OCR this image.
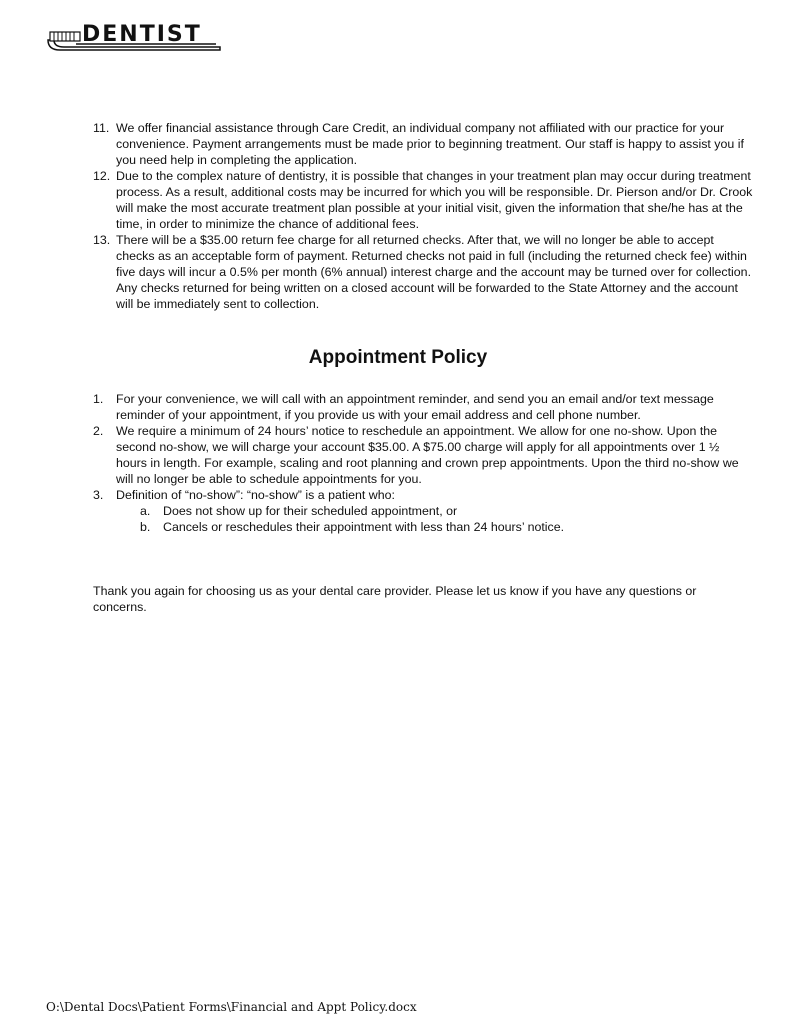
DENTIST
11. We offer financial assistance through Care Credit, an individual company not affiliated with our practice for your convenience. Payment arrangements must be made prior to beginning treatment. Our staff is happy to assist you if you need help in completing the application.
12. Due to the complex nature of dentistry, it is possible that changes in your treatment plan may occur during treatment process. As a result, additional costs may be incurred for which you will be responsible. Dr. Pierson and/or Dr. Crook will make the most accurate treatment plan possible at your initial visit, given the information that she/he has at the time, in order to minimize the chance of additional fees.
13. There will be a $35.00 return fee charge for all returned checks. After that, we will no longer be able to accept checks as an acceptable form of payment. Returned checks not paid in full (including the returned check fee) within five days will incur a 0.5% per month (6% annual) interest charge and the account may be turned over for collection. Any checks returned for being written on a closed account will be forwarded to the State Attorney and the account will be immediately sent to collection.
Appointment Policy
1. For your convenience, we will call with an appointment reminder, and send you an email and/or text message reminder of your appointment, if you provide us with your email address and cell phone number.
2. We require a minimum of 24 hours’ notice to reschedule an appointment. We allow for one no-show. Upon the second no-show, we will charge your account $35.00. A $75.00 charge will apply for all appointments over 1 ½ hours in length. For example, scaling and root planning and crown prep appointments. Upon the third no-show we will no longer be able to schedule appointments for you.
3. Definition of “no-show”: “no-show” is a patient who:
a. Does not show up for their scheduled appointment, or
b. Cancels or reschedules their appointment with less than 24 hours’ notice.

Thank you again for choosing us as your dental care provider. Please let us know if you have any questions or concerns.

O:\Dental Docs\Patient Forms\Financial and Appt Policy.docx
